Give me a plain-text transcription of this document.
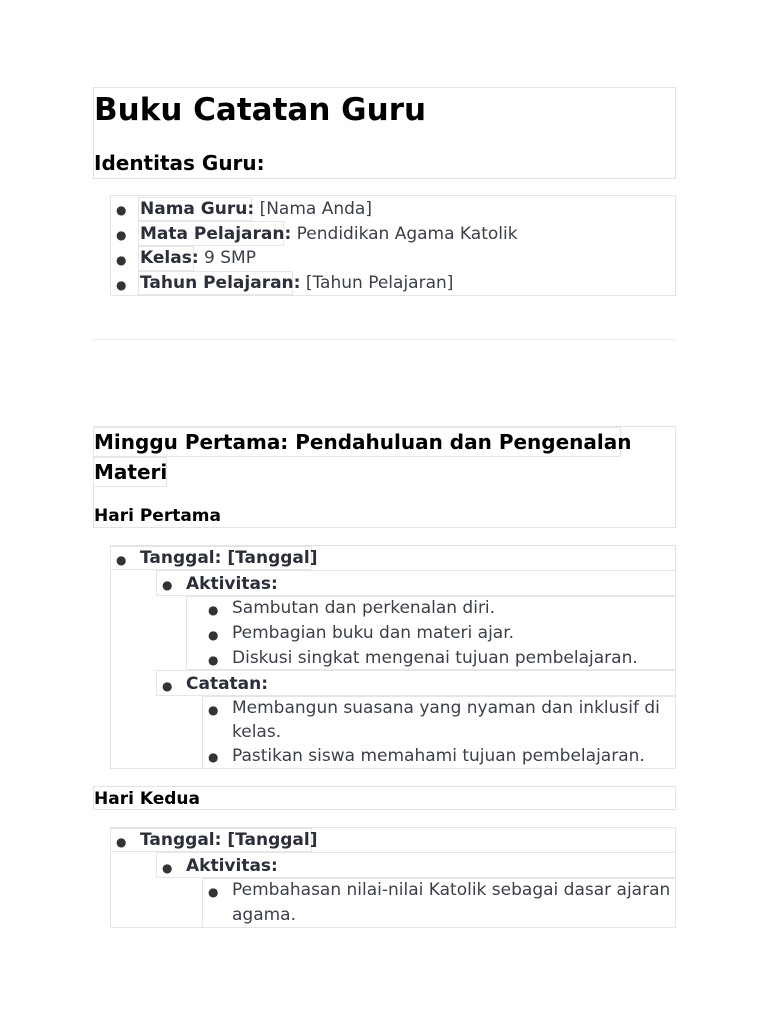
Buku Catatan Guru
Identitas Guru:
● Nama Guru: [Nama Anda]
● Mata Pelajaran: Pendidikan Agama Katolik
● Kelas: 9 SMP
● Tahun Pelajaran: [Tahun Pelajaran]
Minggu Pertama: Pendahuluan dan Pengenalan
Materi
Hari Pertama
● Tanggal: [Tanggal]
● Aktivitas:
● Sambutan dan perkenalan diri.
● Pembagian buku dan materi ajar.
● Diskusi singkat mengenai tujuan pembelajaran.
● Catatan:
● Membangun suasana yang nyaman dan inklusif di
kelas.
● Pastikan siswa memahami tujuan pembelajaran.
Hari Kedua
● Tanggal: [Tanggal]
● Aktivitas:
● Pembahasan nilai-nilai Katolik sebagai dasar ajaran
agama.
